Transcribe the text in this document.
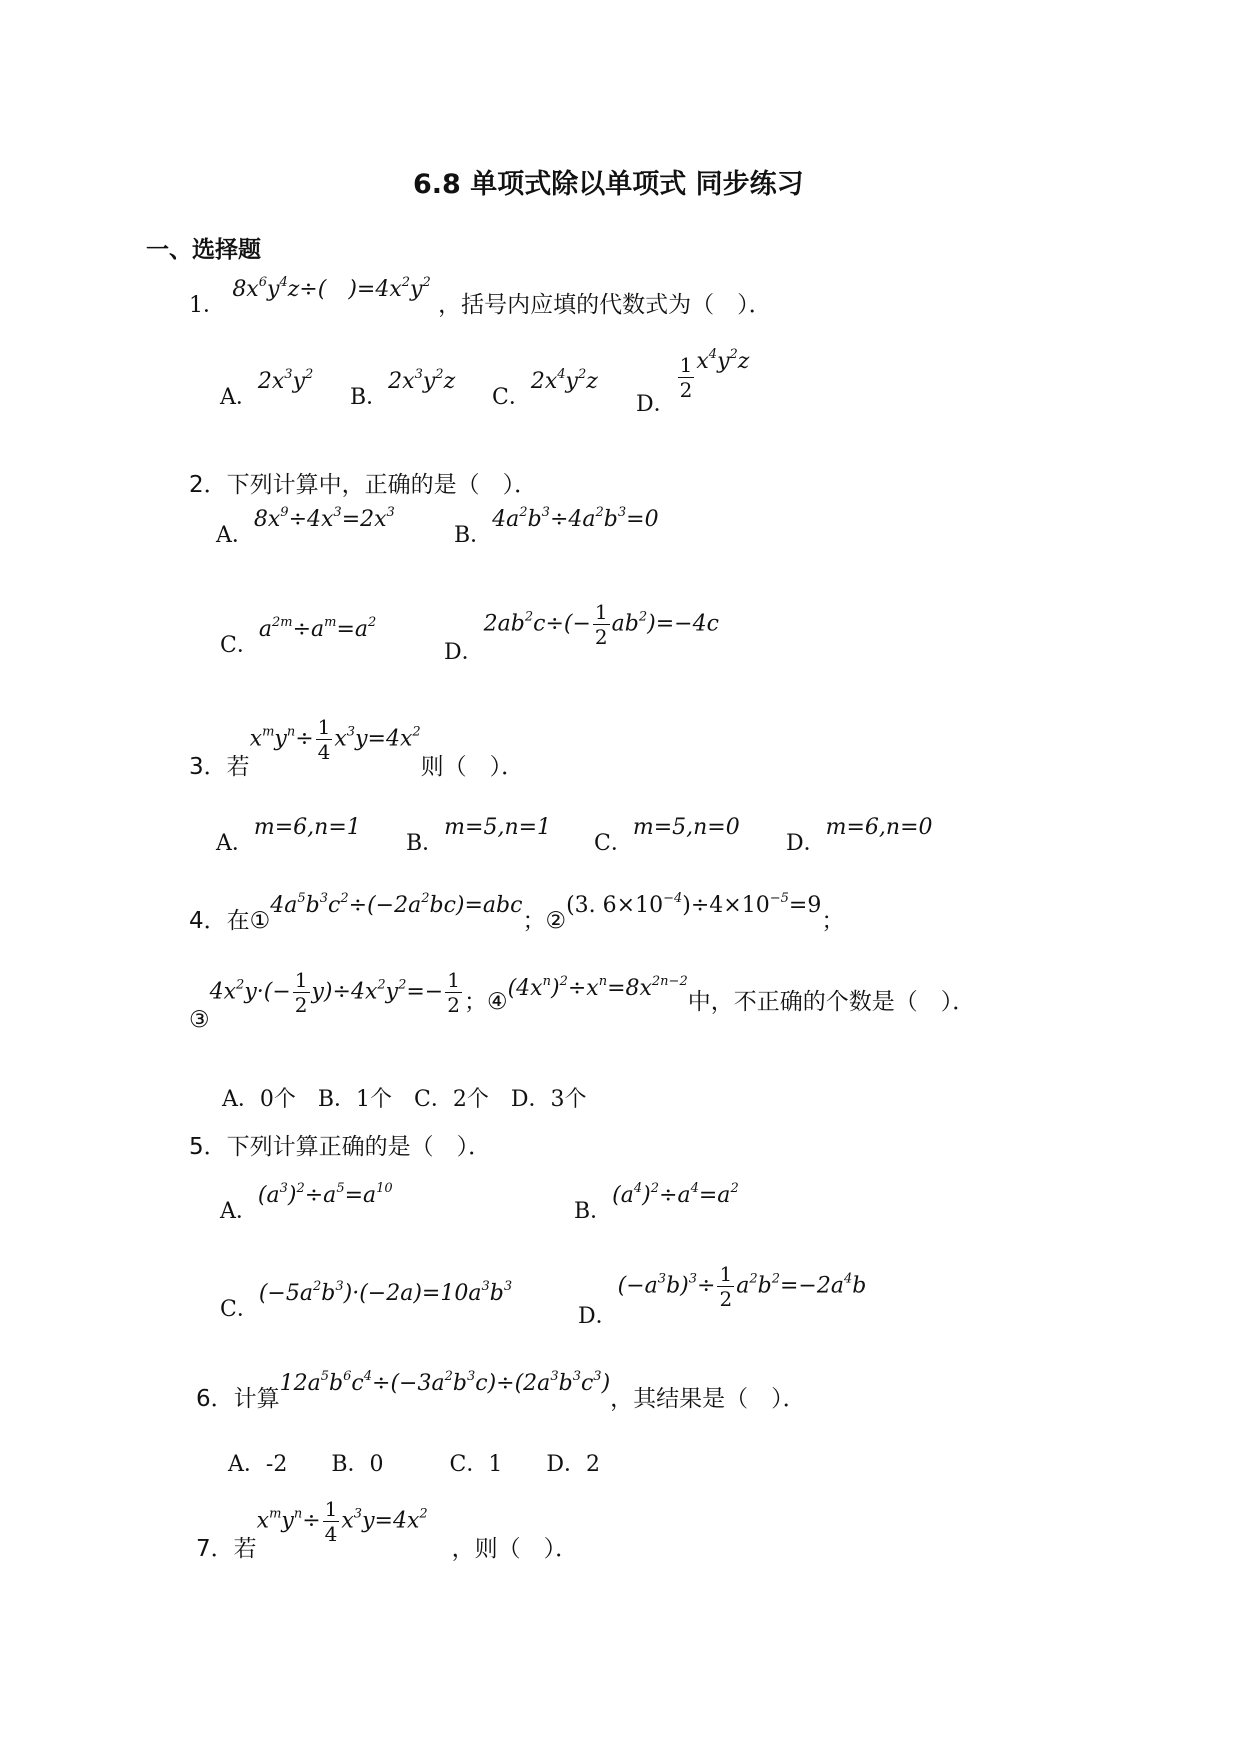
6.8 单项式除以单项式 同步练习
一、选择题
1． $8x^6y^4z\div$(  )$=4x^2y^2$ ，括号内应填的代数式为（　）．
A．$2x^3y^2$
B．$2x^3y^2z$
C．$2x^4y^2z$
D．
$\frac{1}{2} x^4y^2z$
2．下列计算中，正确的是（　）．
A．$8x^9\div 4x^3=2x^3$
B．$4a^2b^3\div 4a^2b^3=0$
C．$a^{2m}\div a^m=a^2$
D．$2ab^2c\div(- \frac{1}{2} ab^2)=-4c$
3．若$x^my^n\div \frac{1}{4} x^3y=4x^2$则（　）．
A．m=6,n=1
B．m=5,n=1
C．m=5,n=0
D．m=6,n=0
4．在$①4a^5b^3c^2\div(-2a^2bc)=abc$；②(3. $6\times 10^{-4})\div 4\times 10^{-5}=9$；
$③4x^2y\cdot(- \frac{1}{2} y)\div 4x^2y^2=- \frac{1}{2}$ ；$④(4x^n)^2\div x^n=8x^{2n-2}$中，不正确的个数是（　）．
A．0个　B．1个　C．2个　D．3个
5．下列计算正确的是（　）．
A．$(a^3)^2\div a^5=a^{10}$
B．$(a^4)^2\div a^4=a^2$
C．$(-5a^2b^3)\cdot(-2a)=10a^3b^3$
D．$(-a^3b)^3\div \frac{1}{2} a^2b^2=-2a^4b$
6．计算$12a^5b^6c^4\div(-3a^2b^3c)\div(2a^3b^3c^3)$，其结果是（　）．
A．-2　　B．0　　　C．1　　D．2
7．若$x^my^n\div \frac{1}{4} x^3y=4x^2$，则（　）．
